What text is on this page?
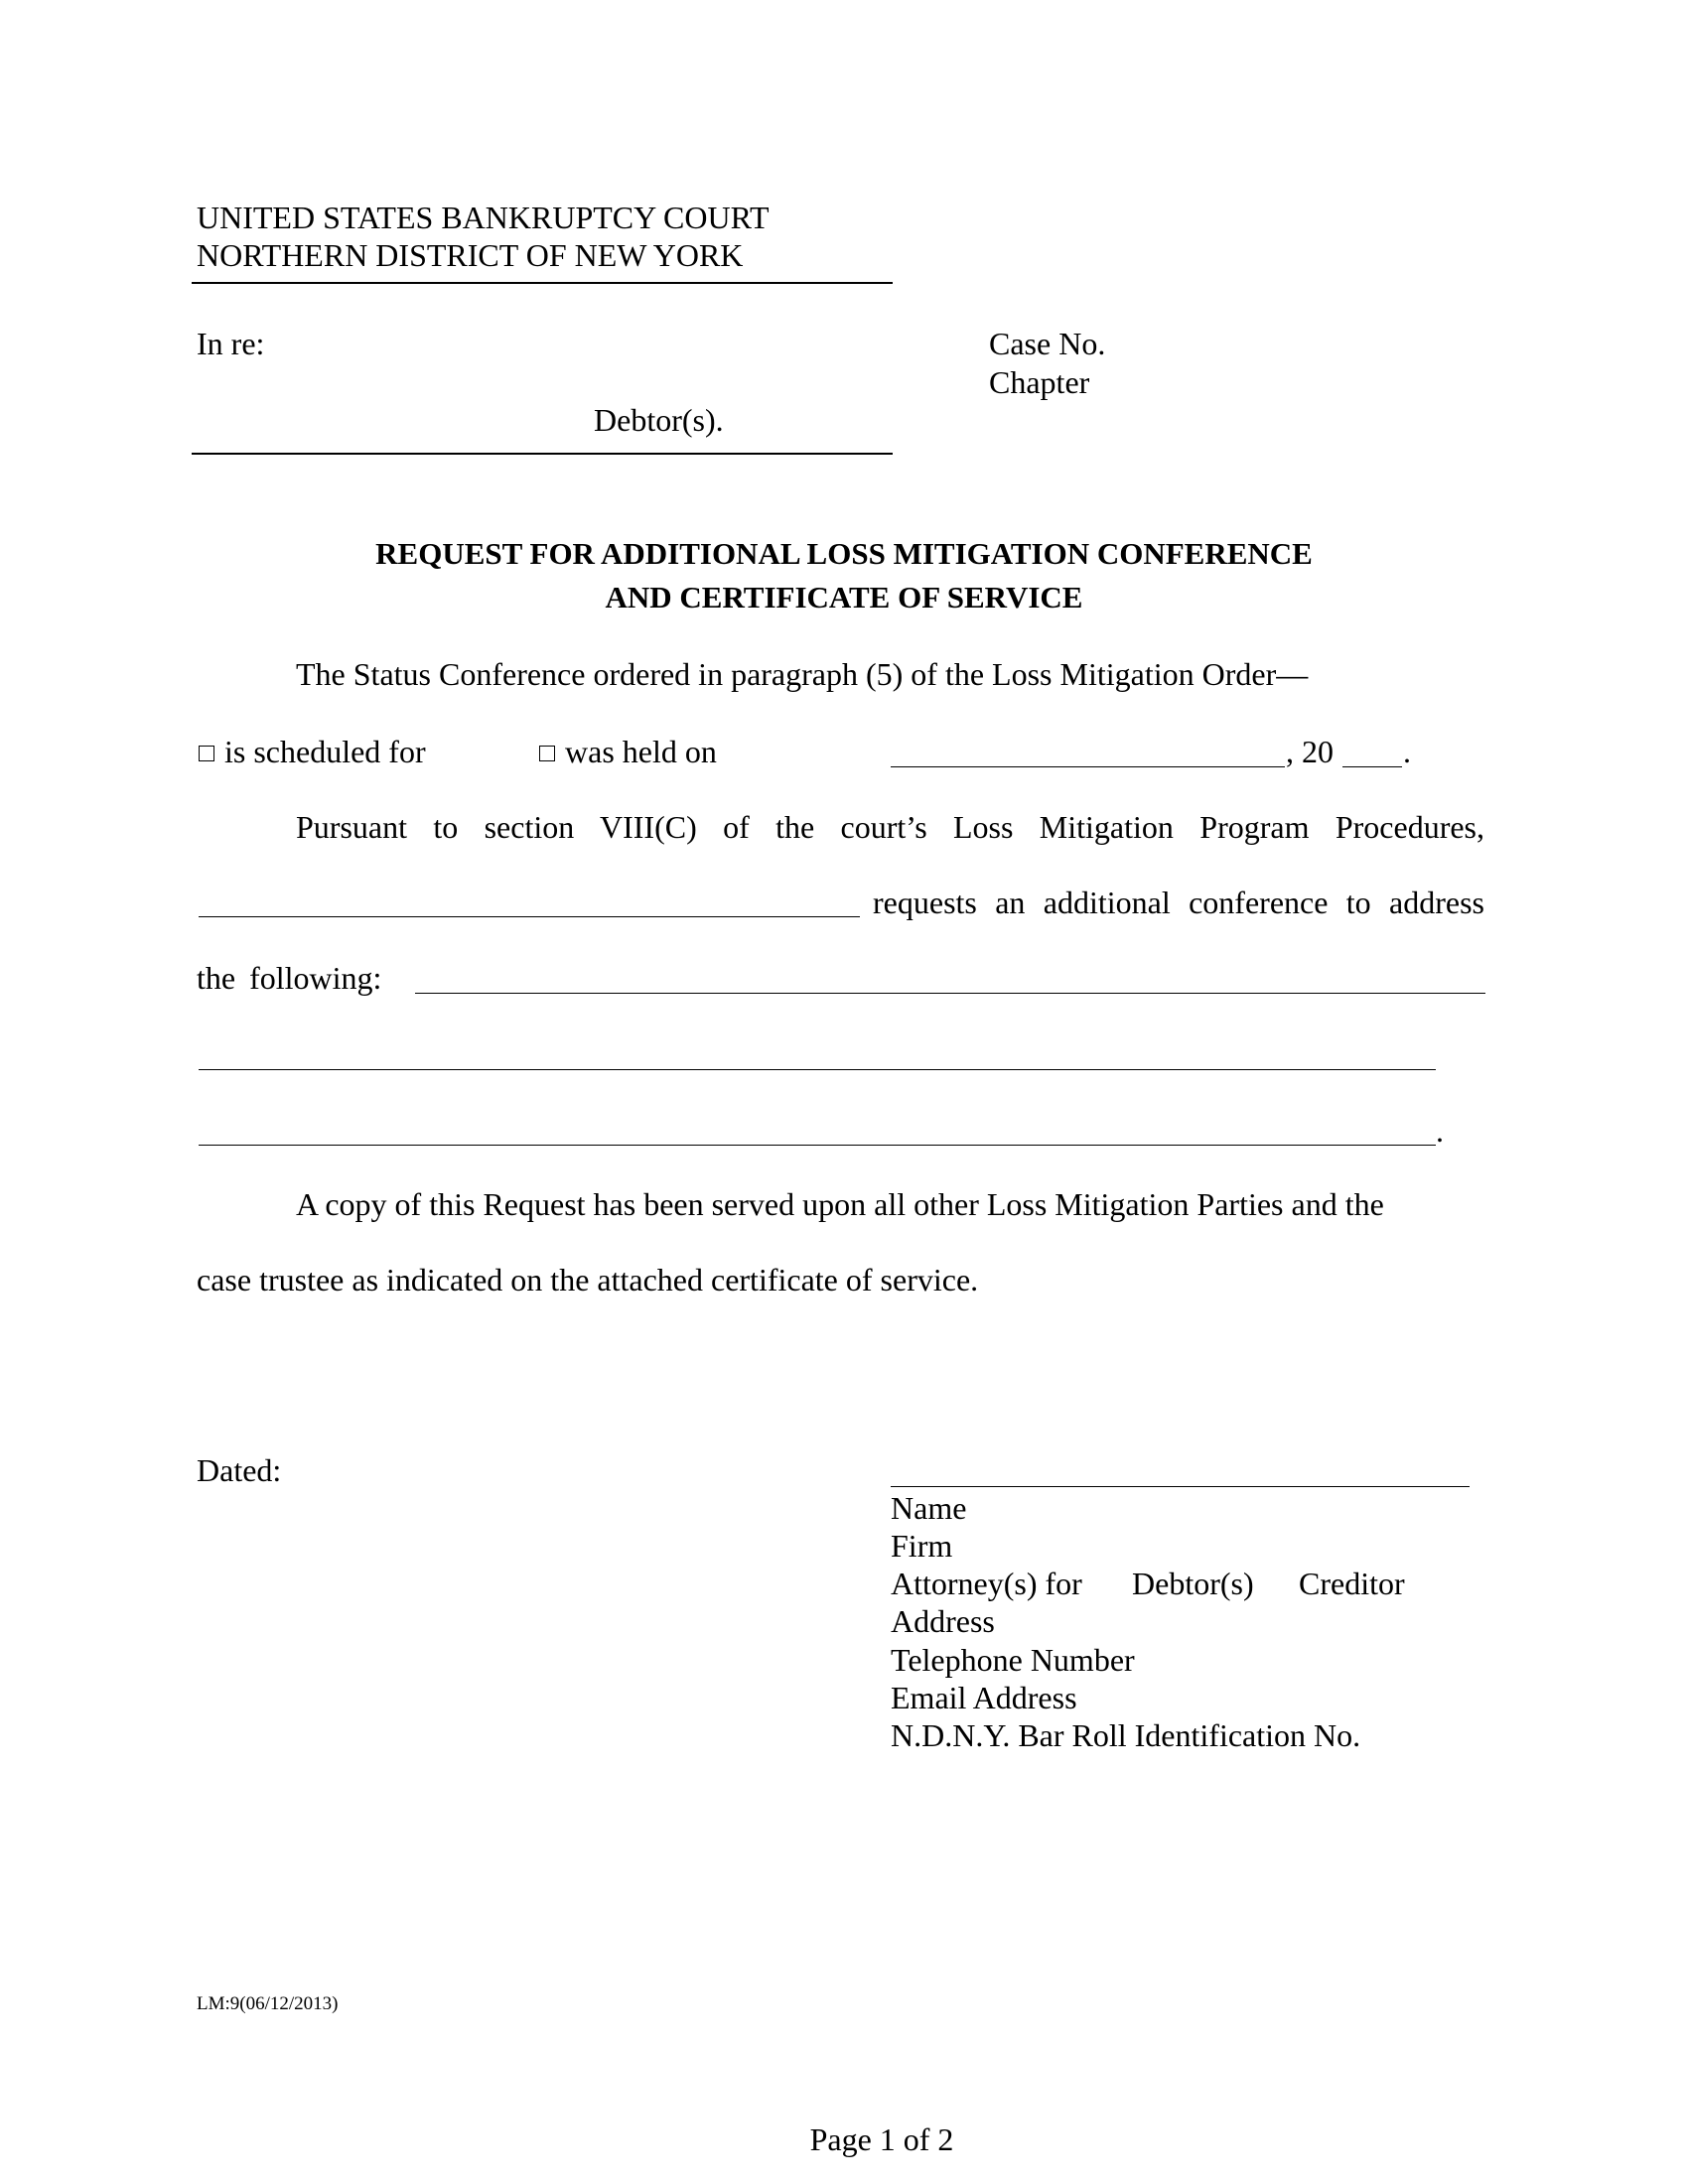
UNITED STATES BANKRUPTCY COURT
NORTHERN DISTRICT OF NEW YORK
In re:	Case No.
Chapter
Debtor(s).
REQUEST FOR ADDITIONAL LOSS MITIGATION CONFERENCE
AND CERTIFICATE OF SERVICE
The Status Conference ordered in paragraph (5) of the Loss Mitigation Order—
is scheduled for	was held on	, 20 .
Pursuant to section VIII(C) of the court’s Loss Mitigation Program Procedures,
requests an additional conference to address
the following:
.
A copy of this Request has been served upon all other Loss Mitigation Parties and the
case trustee as indicated on the attached certificate of service.
Dated:
Name
Firm
Attorney(s) for Debtor(s) Creditor
Address
Telephone Number
Email Address
N.D.N.Y. Bar Roll Identification No.
LM:9(06/12/2013)
Page 1 of 2
